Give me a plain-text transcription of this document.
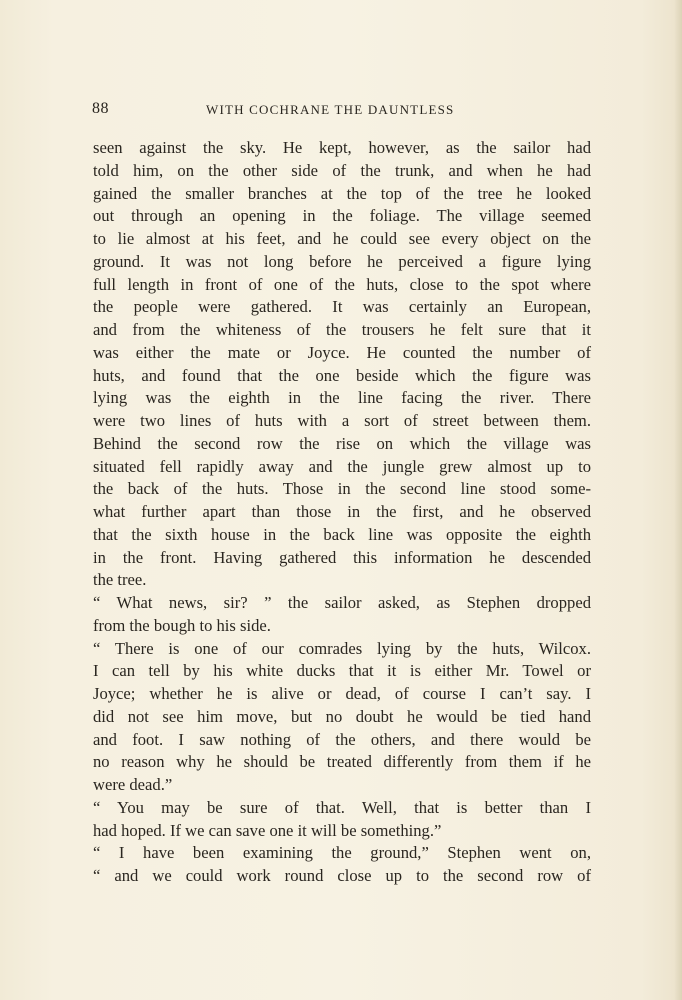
88	WITH COCHRANE THE DAUNTLESS
seen against the sky. He kept, however, as the sailor had
told him, on the other side of the trunk, and when he had
gained the smaller branches at the top of the tree he looked
out through an opening in the foliage. The village seemed
to lie almost at his feet, and he could see every object on the
ground. It was not long before he perceived a figure lying
full length in front of one of the huts, close to the spot where
the people were gathered. It was certainly an European,
and from the whiteness of the trousers he felt sure that it
was either the mate or Joyce. He counted the number of
huts, and found that the one beside which the figure was
lying was the eighth in the line facing the river. There
were two lines of huts with a sort of street between them.
Behind the second row the rise on which the village was
situated fell rapidly away and the jungle grew almost up to
the back of the huts. Those in the second line stood some-
what further apart than those in the first, and he observed
that the sixth house in the back line was opposite the eighth
in the front. Having gathered this information he descended
the tree.
“ What news, sir? ” the sailor asked, as Stephen dropped
from the bough to his side.
“ There is one of our comrades lying by the huts, Wilcox.
I can tell by his white ducks that it is either Mr. Towel or
Joyce; whether he is alive or dead, of course I can’t say. I
did not see him move, but no doubt he would be tied hand
and foot. I saw nothing of the others, and there would be
no reason why he should be treated differently from them if he
were dead.”
“ You may be sure of that. Well, that is better than I
had hoped. If we can save one it will be something.”
“ I have been examining the ground,” Stephen went on,
“ and we could work round close up to the second row of
